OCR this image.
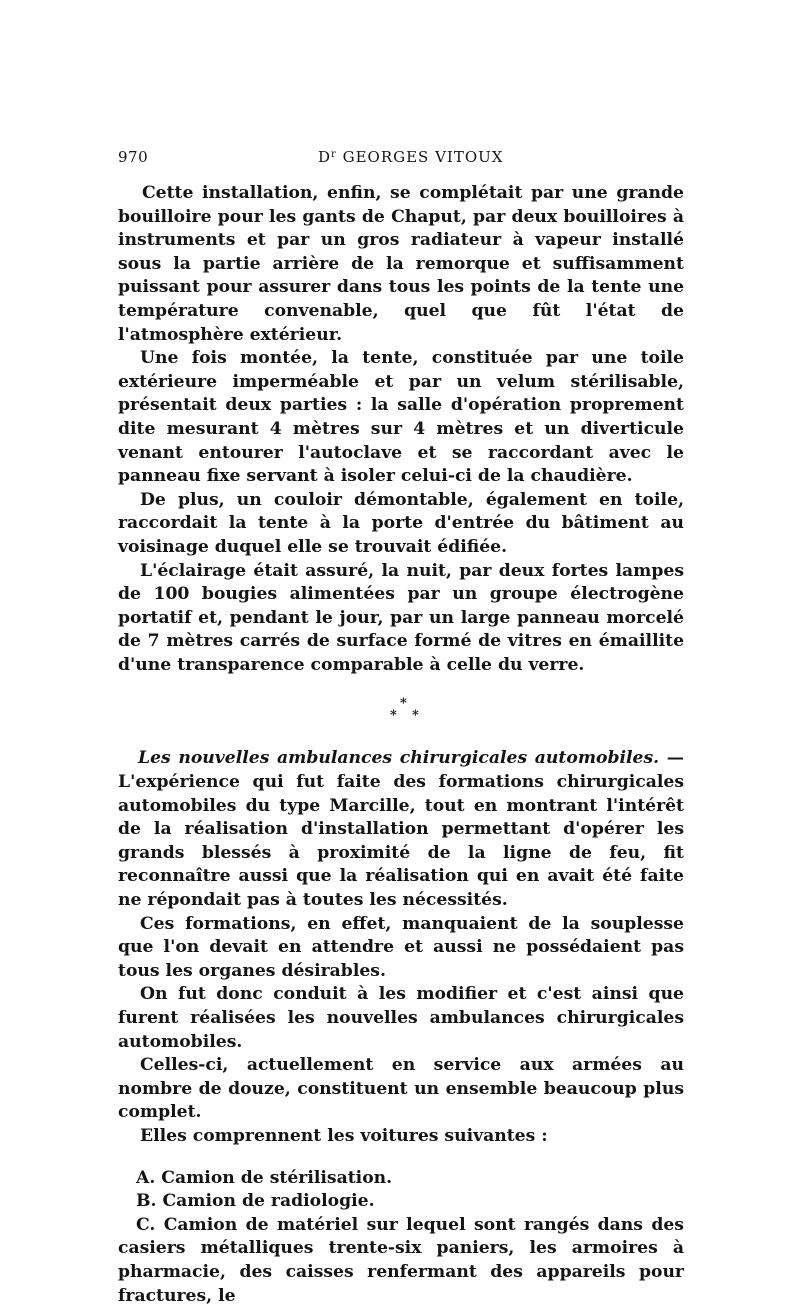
970	$D^r$ GEORGES VITOUX

Cette installation, enfin, se complétait par une grande bouilloire pour les gants de Chaput, par deux bouilloires à instruments et par un gros radiateur à vapeur installé sous la partie arrière de la remorque et suffisamment puissant pour assurer dans tous les points de la tente une température convenable, quel que fût l'état de l'atmosphère extérieur.

Une fois montée, la tente, constituée par une toile extérieure imperméable et par un velum stérilisable, présentait deux parties : la salle d'opération proprement dite mesurant 4 mètres sur 4 mètres et un diverticule venant entourer l'autoclave et se raccordant avec le panneau fixe servant à isoler celui-ci de la chaudière.

De plus, un couloir démontable, également en toile, raccordait la tente à la porte d'entrée du bâtiment au voisinage duquel elle se trouvait édifiée.

L'éclairage était assuré, la nuit, par deux fortes lampes de 100 bougies alimentées par un groupe électrogène portatif et, pendant le jour, par un large panneau morcelé de 7 mètres carrés de surface formé de vitres en émaillite d'une transparence comparable à celle du verre.

*
* *

Les nouvelles ambulances chirurgicales automobiles. — L'expérience qui fut faite des formations chirurgicales automobiles du type Marcille, tout en montrant l'intérêt de la réalisation d'installation permettant d'opérer les grands blessés à proximité de la ligne de feu, fit reconnaître aussi que la réalisation qui en avait été faite ne répondait pas à toutes les nécessités.

Ces formations, en effet, manquaient de la souplesse que l'on devait en attendre et aussi ne possédaient pas tous les organes désirables.

On fut donc conduit à les modifier et c'est ainsi que furent réalisées les nouvelles ambulances chirurgicales automobiles.

Celles-ci, actuellement en service aux armées au nombre de douze, constituent un ensemble beaucoup plus complet.

Elles comprennent les voitures suivantes :

A. Camion de stérilisation.

B. Camion de radiologie.

C. Camion de matériel sur lequel sont rangés dans des casiers métalliques trente-six paniers, les armoires à pharmacie, des caisses renfermant des appareils pour fractures, le
